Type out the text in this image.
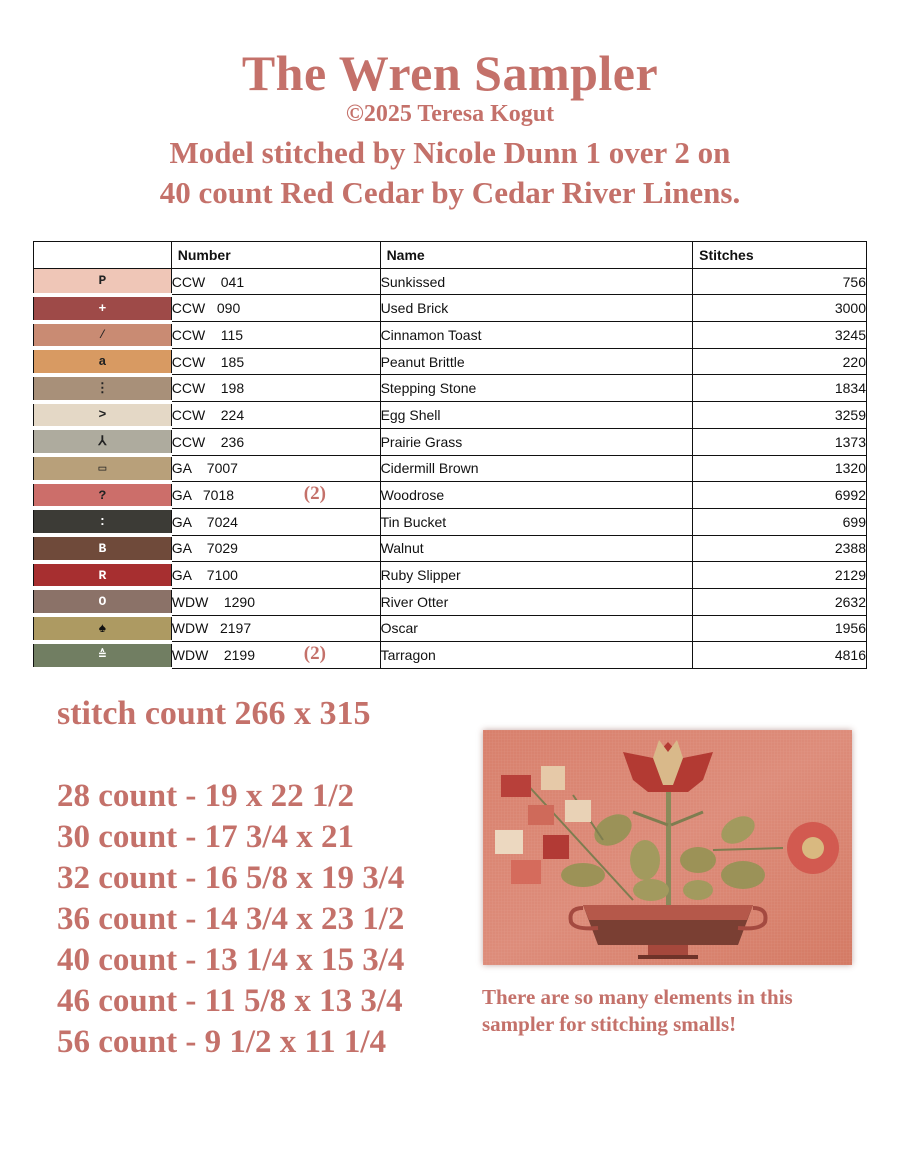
The Wren Sampler
©2025 Teresa Kogut
Model stitched by Nicole Dunn 1 over 2 on
40 count Red Cedar by Cedar River Linens.
	Number	Name	Stitches

P	CCW    041	Sunkissed	756

+	CCW   090	Used Brick	3000

⁄	CCW    115	Cinnamon Toast	3245

a	CCW    185	Peanut Brittle	220

⋮	CCW    198	Stepping Stone	1834

>	CCW    224	Egg Shell	3259

⅄	CCW    236	Prairie Grass	1373

▭	GA    7007	Cidermill Brown	1320

?	GA   7018 (2)	Woodrose	6992

:	GA    7024	Tin Bucket	699

B	GA    7029	Walnut	2388

R	GA    7100	Ruby Slipper	2129

O	WDW    1290	River Otter	2632

♠	WDW   2197	Oscar	1956

≙	WDW    2199 (2)	Tarragon	4816
stitch count 266 x 315
28 count - 19 x 22 1/2
30 count - 17 3/4 x 21
32 count - 16 5/8 x 19 3/4
36 count - 14 3/4 x 23 1/2
40 count - 13 1/4 x 15 3/4
46 count - 11 5/8 x 13 3/4
56 count - 9 1/2 x 11 1/4
There are so many elements in this
sampler for stitching smalls!
